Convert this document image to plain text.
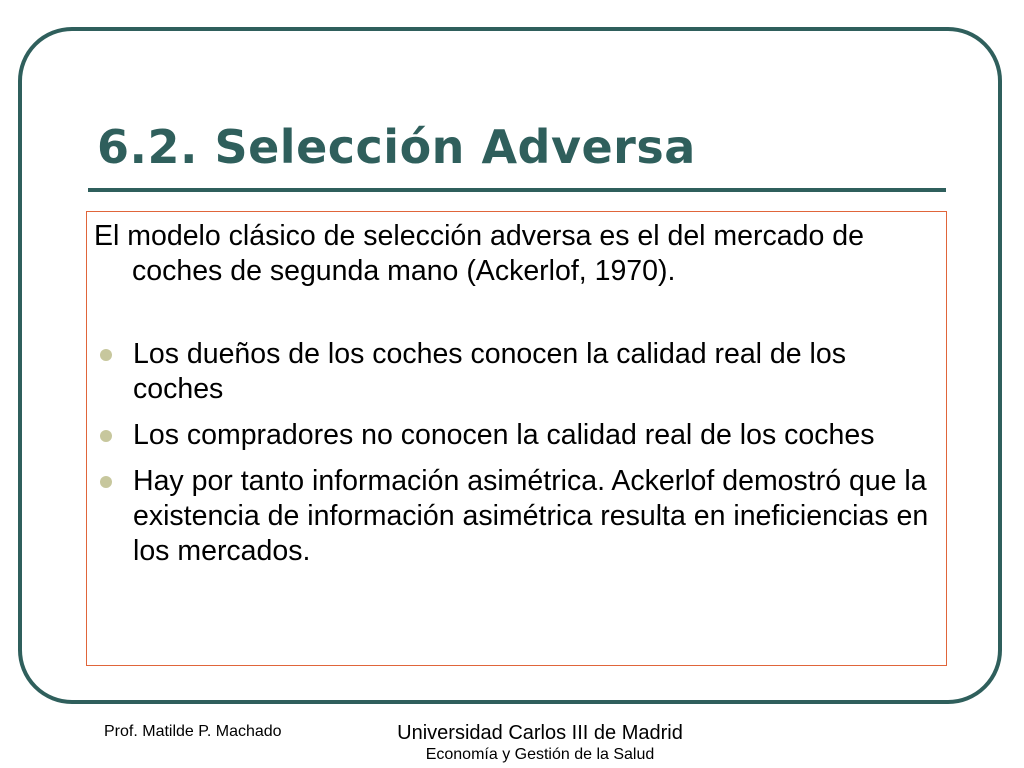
6.2. Selección Adversa

El modelo clásico de selección adversa es el del mercado de coches de segunda mano (Ackerlof, 1970).

Los dueños de los coches conocen la calidad real de los coches
Los compradores no conocen la calidad real de los coches
Hay por tanto información asimétrica. Ackerlof demostró que la existencia de información asimétrica resulta en ineficiencias en los mercados.
Prof. Matilde P. Machado	Universidad Carlos III de Madrid
Economía y Gestión de la Salud
